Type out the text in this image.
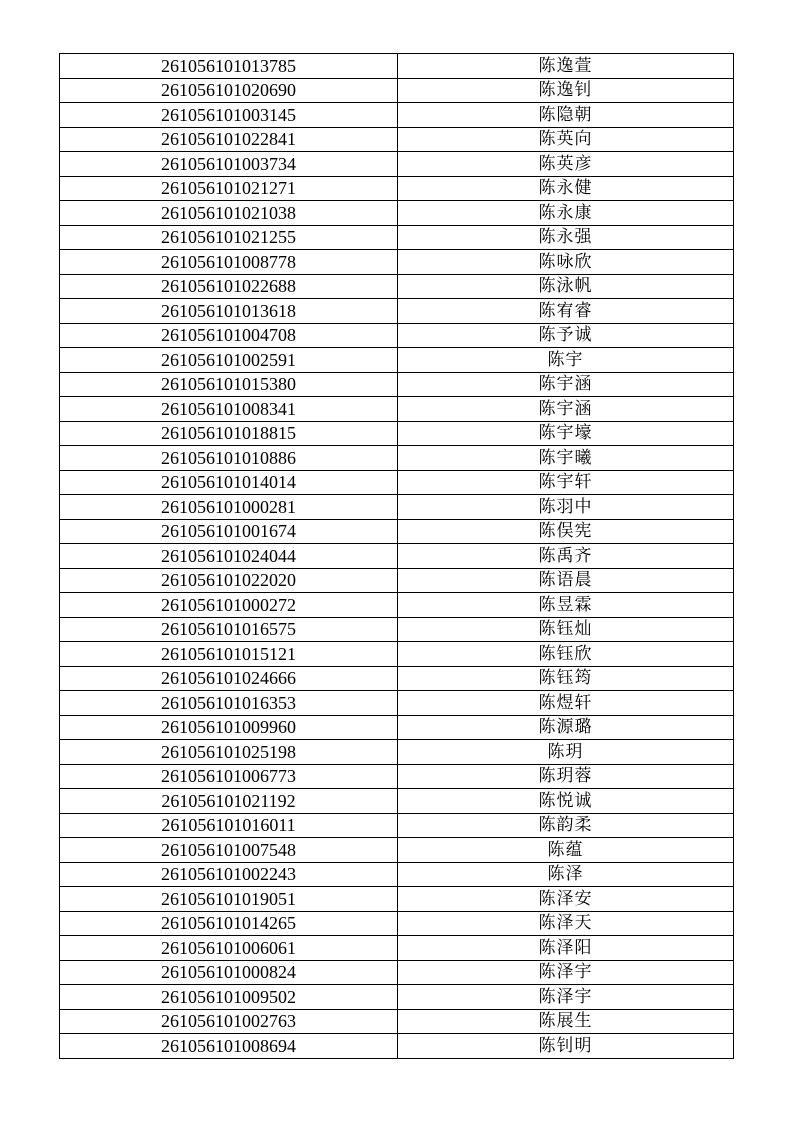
261056101013785	陈逸萱
261056101020690	陈逸钊
261056101003145	陈隐朝
261056101022841	陈英向
261056101003734	陈英彦
261056101021271	陈永健
261056101021038	陈永康
261056101021255	陈永强
261056101008778	陈咏欣
261056101022688	陈泳帆
261056101013618	陈宥睿
261056101004708	陈予诚
261056101002591	陈宇
261056101015380	陈宇涵
261056101008341	陈宇涵
261056101018815	陈宇壕
261056101010886	陈宇曦
261056101014014	陈宇轩
261056101000281	陈羽中
261056101001674	陈俣宪
261056101024044	陈禹齐
261056101022020	陈语晨
261056101000272	陈昱霖
261056101016575	陈钰灿
261056101015121	陈钰欣
261056101024666	陈钰筠
261056101016353	陈煜轩
261056101009960	陈源璐
261056101025198	陈玥
261056101006773	陈玥蓉
261056101021192	陈悦诚
261056101016011	陈韵柔
261056101007548	陈蕴
261056101002243	陈泽
261056101019051	陈泽安
261056101014265	陈泽天
261056101006061	陈泽阳
261056101000824	陈泽宇
261056101009502	陈泽宇
261056101002763	陈展生
261056101008694	陈钊明
